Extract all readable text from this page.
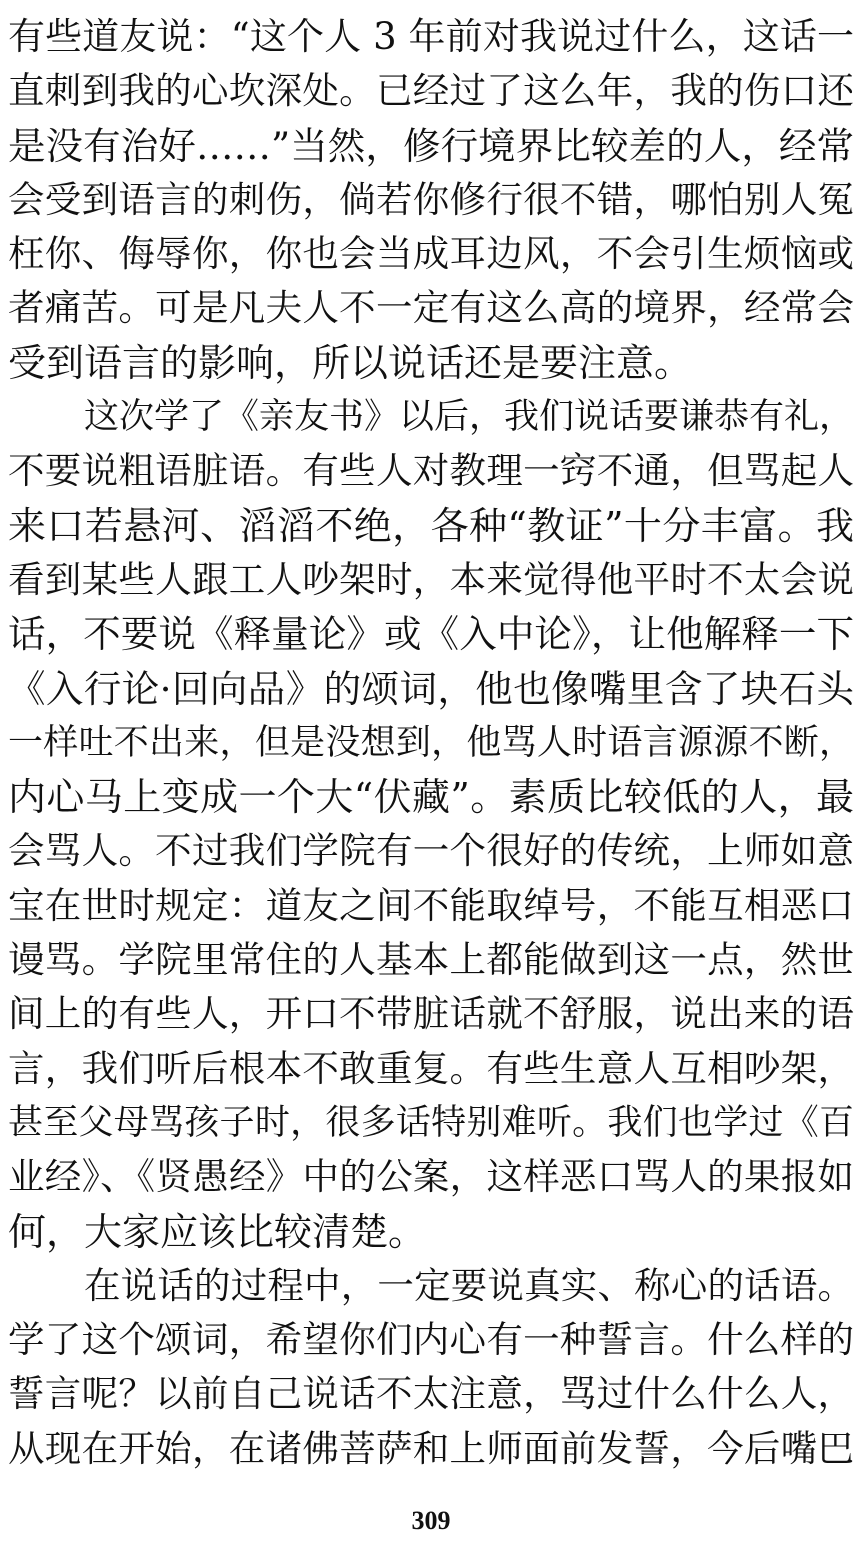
有些道友说：“这个人 3 年前对我说过什么，这话一
直刺到我的心坎深处。已经过了这么年，我的伤口还
是没有治好……”当然，修行境界比较差的人，经常
会受到语言的刺伤，倘若你修行很不错，哪怕别人冤
枉你、侮辱你，你也会当成耳边风，不会引生烦恼或
者痛苦。可是凡夫人不一定有这么高的境界，经常会
受到语言的影响，所以说话还是要注意。
这次学了《亲友书》以后，我们说话要谦恭有礼，
不要说粗语脏语。有些人对教理一窍不通，但骂起人
来口若悬河、滔滔不绝，各种“教证”十分丰富。我
看到某些人跟工人吵架时，本来觉得他平时不太会说
话，不要说《释量论》或《入中论》，让他解释一下
《入行论·回向品》的颂词，他也像嘴里含了块石头
一样吐不出来，但是没想到，他骂人时语言源源不断，
内心马上变成一个大“伏藏”。素质比较低的人，最
会骂人。不过我们学院有一个很好的传统，上师如意
宝在世时规定：道友之间不能取绰号，不能互相恶口
谩骂。学院里常住的人基本上都能做到这一点，然世
间上的有些人，开口不带脏话就不舒服，说出来的语
言，我们听后根本不敢重复。有些生意人互相吵架，
甚至父母骂孩子时，很多话特别难听。我们也学过《百
业经》、《贤愚经》中的公案，这样恶口骂人的果报如
何，大家应该比较清楚。
在说话的过程中，一定要说真实、称心的话语。
学了这个颂词，希望你们内心有一种誓言。什么样的
誓言呢？以前自己说话不太注意，骂过什么什么人，
从现在开始，在诸佛菩萨和上师面前发誓，今后嘴巴
309
